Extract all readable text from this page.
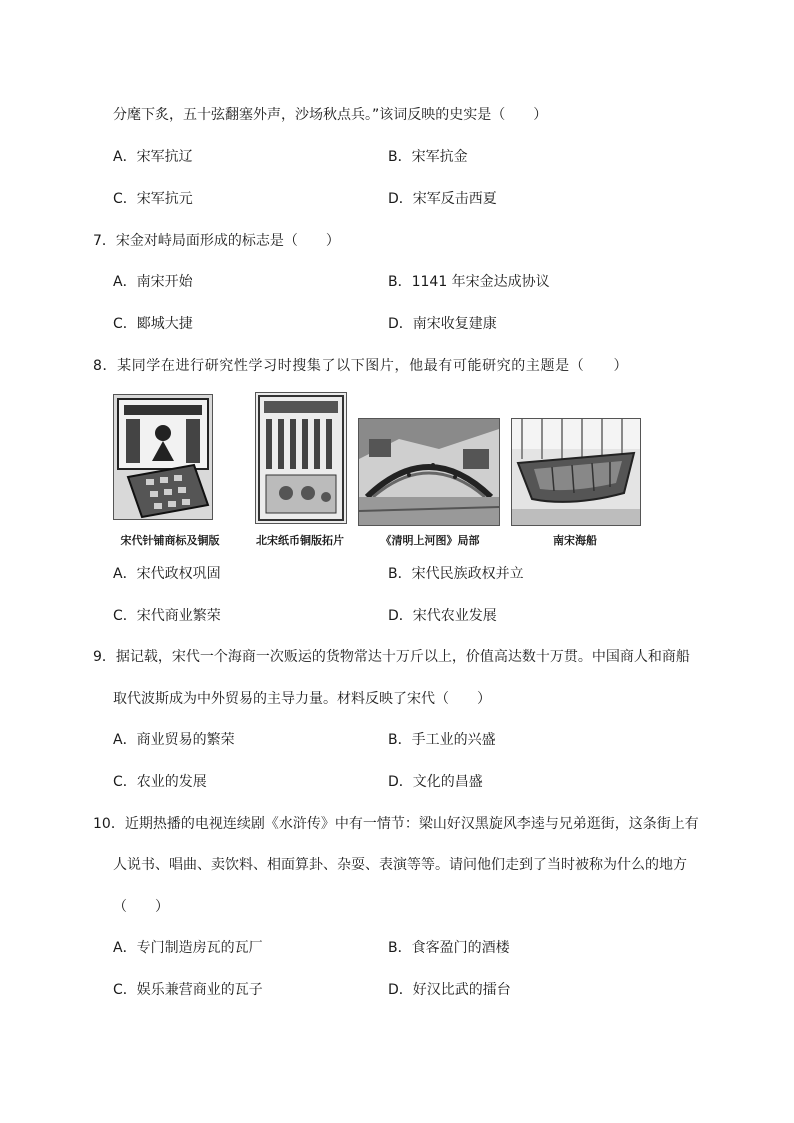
分麾下炙，五十弦翻塞外声，沙场秋点兵。”该词反映的史实是（　　）
A．宋军抗辽	B．宋军抗金
C．宋军抗元	D．宋军反击西夏
7．宋金对峙局面形成的标志是（　　）
A．南宋开始	B．1141 年宋金达成协议
C．郾城大捷	D．南宋收复建康
8．某同学在进行研究性学习时搜集了以下图片，他最有可能研究的主题是（　　）
宋代针铺商标及铜版	北宋纸币铜版拓片	《清明上河图》局部	南宋海船
A．宋代政权巩固	B．宋代民族政权并立
C．宋代商业繁荣	D．宋代农业发展
9．据记载，宋代一个海商一次贩运的货物常达十万斤以上，价值高达数十万贯。中国商人和商船
取代波斯成为中外贸易的主导力量。材料反映了宋代（　　）
A．商业贸易的繁荣	B．手工业的兴盛
C．农业的发展	D．文化的昌盛
10．近期热播的电视连续剧《水浒传》中有一情节：梁山好汉黑旋风李逵与兄弟逛街，这条街上有
人说书、唱曲、卖饮料、相面算卦、杂耍、表演等等。请问他们走到了当时被称为什么的地方
（　　）
A．专门制造房瓦的瓦厂	B．食客盈门的酒楼
C．娱乐兼营商业的瓦子	D．好汉比武的擂台
